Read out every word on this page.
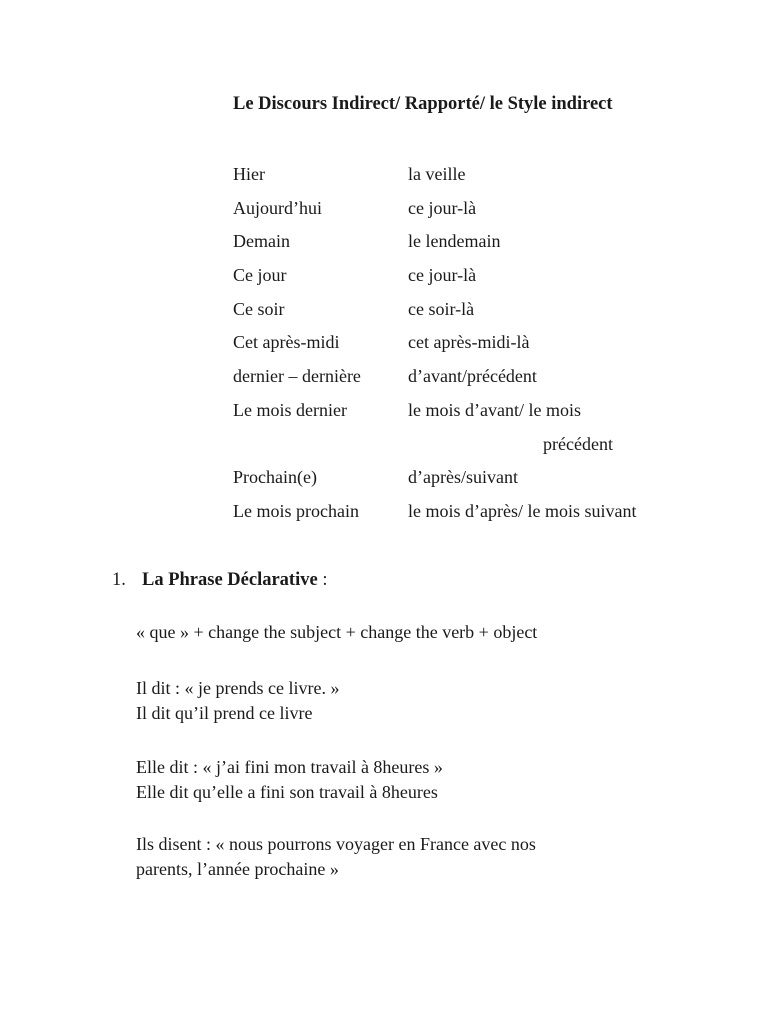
Le Discours Indirect/ Rapporté/ le Style indirect
Hier	la veille
Aujourd’hui	ce jour-là
Demain	le lendemain
Ce jour	ce jour-là
Ce soir	ce soir-là
Cet après-midi	cet après-midi-là
dernier – dernière	d’avant/précédent
Le mois dernier	le mois d’avant/ le mois
précédent
Prochain(e)	d’après/suivant
Le mois prochain	le mois d’après/ le mois suivant
1. La Phrase Déclarative :
« que » + change the subject + change the verb + object
Il dit : « je prends ce livre. »
Il dit qu’il prend ce livre
Elle dit : « j’ai fini mon travail à 8heures »
Elle dit qu’elle a fini son travail à 8heures
Ils disent : « nous pourrons voyager en France avec nos
parents, l’année prochaine »
